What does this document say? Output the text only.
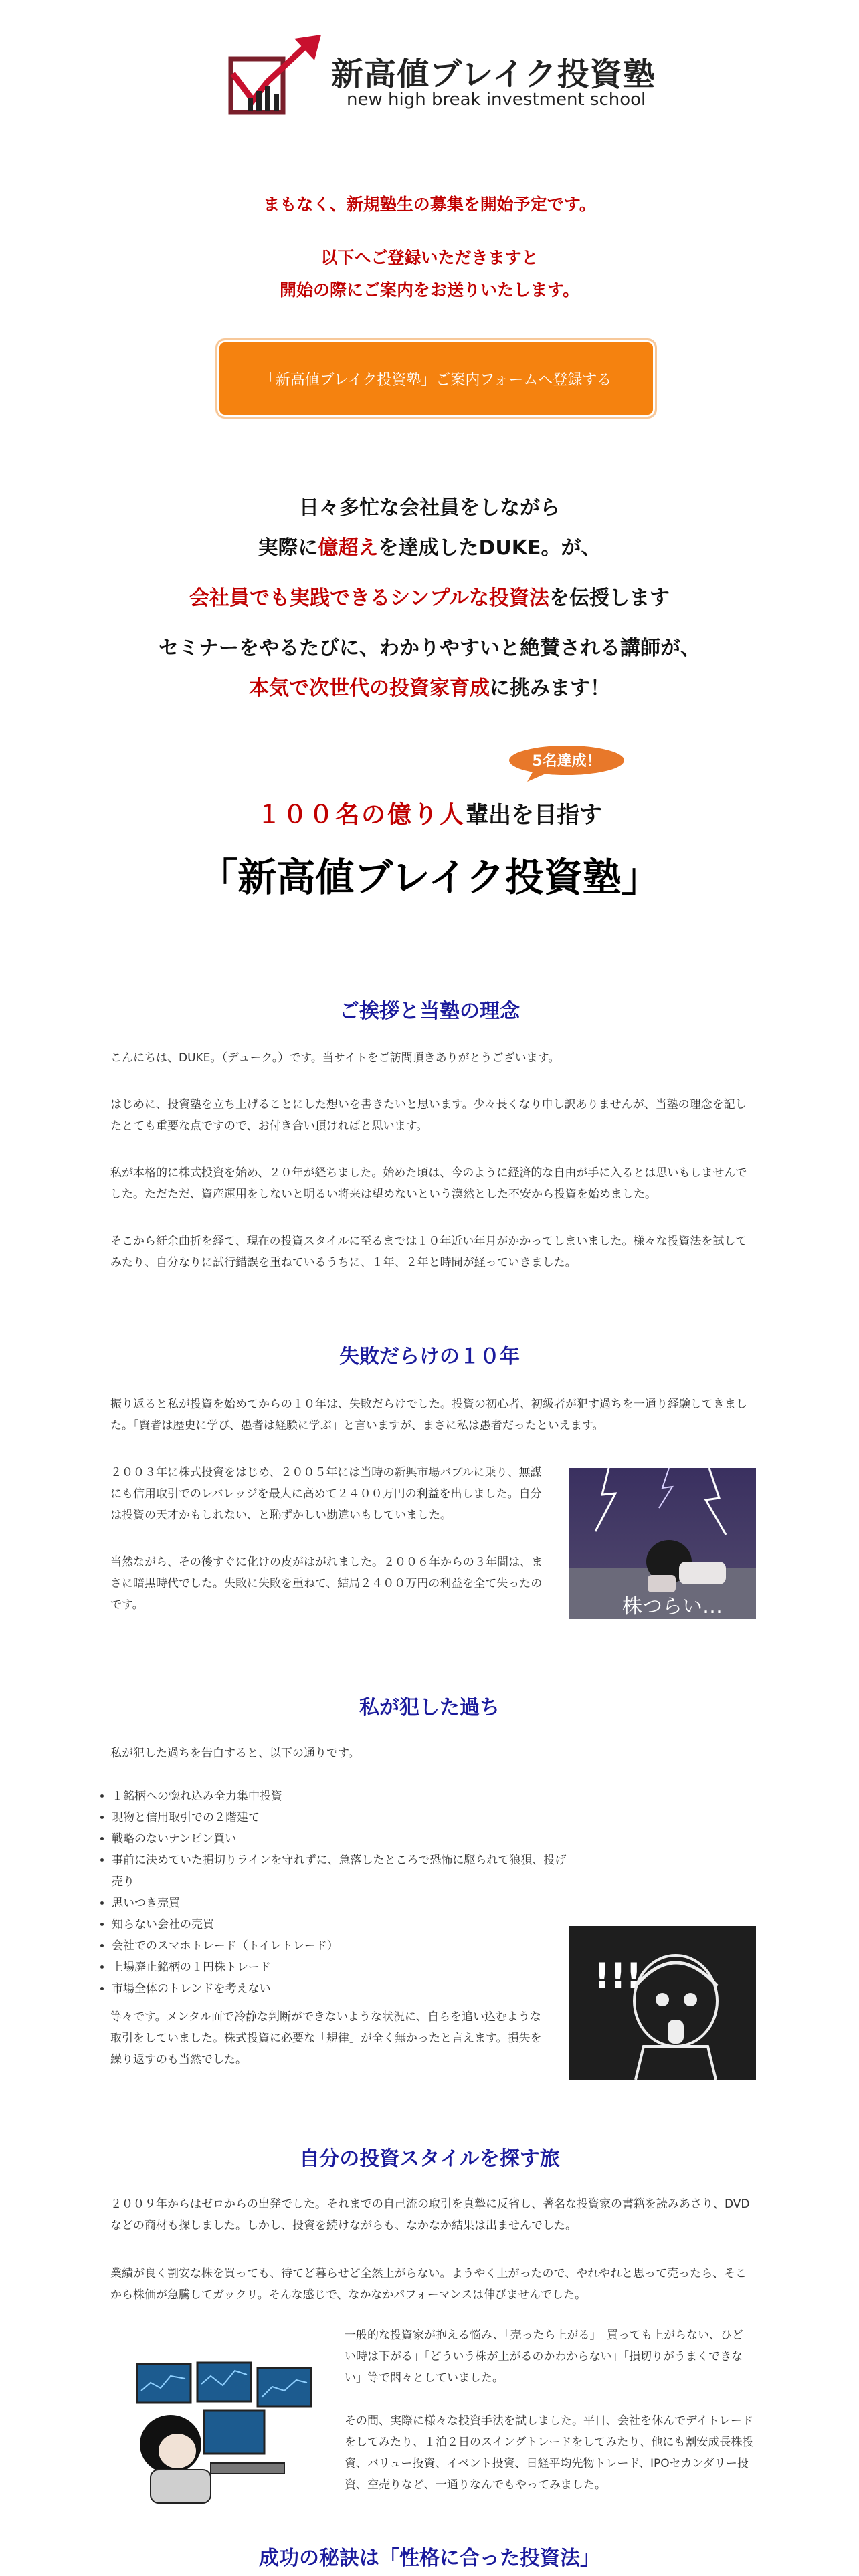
新高値ブレイク投資塾
new high break investment school
まもなく、新規塾生の募集を開始予定です。
以下へご登録いただきますと
開始の際にご案内をお送りいたします。
「新高値ブレイク投資塾」ご案内フォームへ登録する
日々多忙な会社員をしながら
実際に億超えを達成したDUKE。が、
会社員でも実践できるシンプルな投資法を伝授します
セミナーをやるたびに、わかりやすいと絶賛される講師が、
本気で次世代の投資家育成に挑みます！
5名達成！
１００名の億り人輩出を目指す
「新高値ブレイク投資塾」
ご挨拶と当塾の理念
こんにちは、DUKE。（デューク。）です。当サイトをご訪問頂きありがとうございます。
はじめに、投資塾を立ち上げることにした想いを書きたいと思います。少々長くなり申し訳ありませんが、当塾の理念を記したとても重要な点ですので、お付き合い頂ければと思います。
私が本格的に株式投資を始め、２０年が経ちました。始めた頃は、今のように経済的な自由が手に入るとは思いもしませんでした。ただただ、資産運用をしないと明るい将来は望めないという漠然とした不安から投資を始めました。
そこから紆余曲折を経て、現在の投資スタイルに至るまでは１０年近い年月がかかってしまいました。様々な投資法を試してみたり、自分なりに試行錯誤を重ねているうちに、１年、２年と時間が経っていきました。
失敗だらけの１０年
振り返ると私が投資を始めてからの１０年は、失敗だらけでした。投資の初心者、初級者が犯す過ちを一通り経験してきました。「賢者は歴史に学び、愚者は経験に学ぶ」と言いますが、まさに私は愚者だったといえます。
２００３年に株式投資をはじめ、２００５年には当時の新興市場バブルに乗り、無謀にも信用取引でのレバレッジを最大に高めて２４００万円の利益を出しました。自分は投資の天才かもしれない、と恥ずかしい勘違いもしていました。
当然ながら、その後すぐに化けの皮がはがれました。２００６年からの３年間は、まさに暗黒時代でした。失敗に失敗を重ねて、結局２４００万円の利益を全て失ったのです。	株つらい…
私が犯した過ち
私が犯した過ちを告白すると、以下の通りです。
• １銘柄への惚れ込み全力集中投資
• 現物と信用取引での２階建て
• 戦略のないナンピン買い
• 事前に決めていた損切りラインを守れずに、急落したところで恐怖に駆られて狼狽、投げ売り
• 思いつき売買
• 知らない会社の売買
• 会社でのスマホトレード（トイレトレード）
• 上場廃止銘柄の１円株トレード
• 市場全体のトレンドを考えない
等々です。メンタル面で冷静な判断ができないような状況に、自らを追い込むような取引をしていました。株式投資に必要な「規律」が全く無かったと言えます。損失を繰り返すのも当然でした。
!!!
自分の投資スタイルを探す旅
２００９年からはゼロからの出発でした。それまでの自己流の取引を真摯に反省し、著名な投資家の書籍を読みあさり、DVDなどの商材も探しました。しかし、投資を続けながらも、なかなか結果は出ませんでした。
業績が良く割安な株を買っても、待てど暮らせど全然上がらない。ようやく上がったので、やれやれと思って売ったら、そこから株価が急騰してガックリ。そんな感じで、なかなかパフォーマンスは伸びませんでした。
一般的な投資家が抱える悩み、「売ったら上がる」「買っても上がらない、ひどい時は下がる」「どういう株が上がるのかわからない」「損切りがうまくできない」等で悶々としていました。
その間、実際に様々な投資手法を試しました。平日、会社を休んでデイトレードをしてみたり、１泊２日のスイングトレードをしてみたり、他にも割安成長株投資、バリュー投資、イベント投資、日経平均先物トレード、IPOセカンダリー投資、空売りなど、一通りなんでもやってみました。
成功の秘訣は「性格に合った投資法」
